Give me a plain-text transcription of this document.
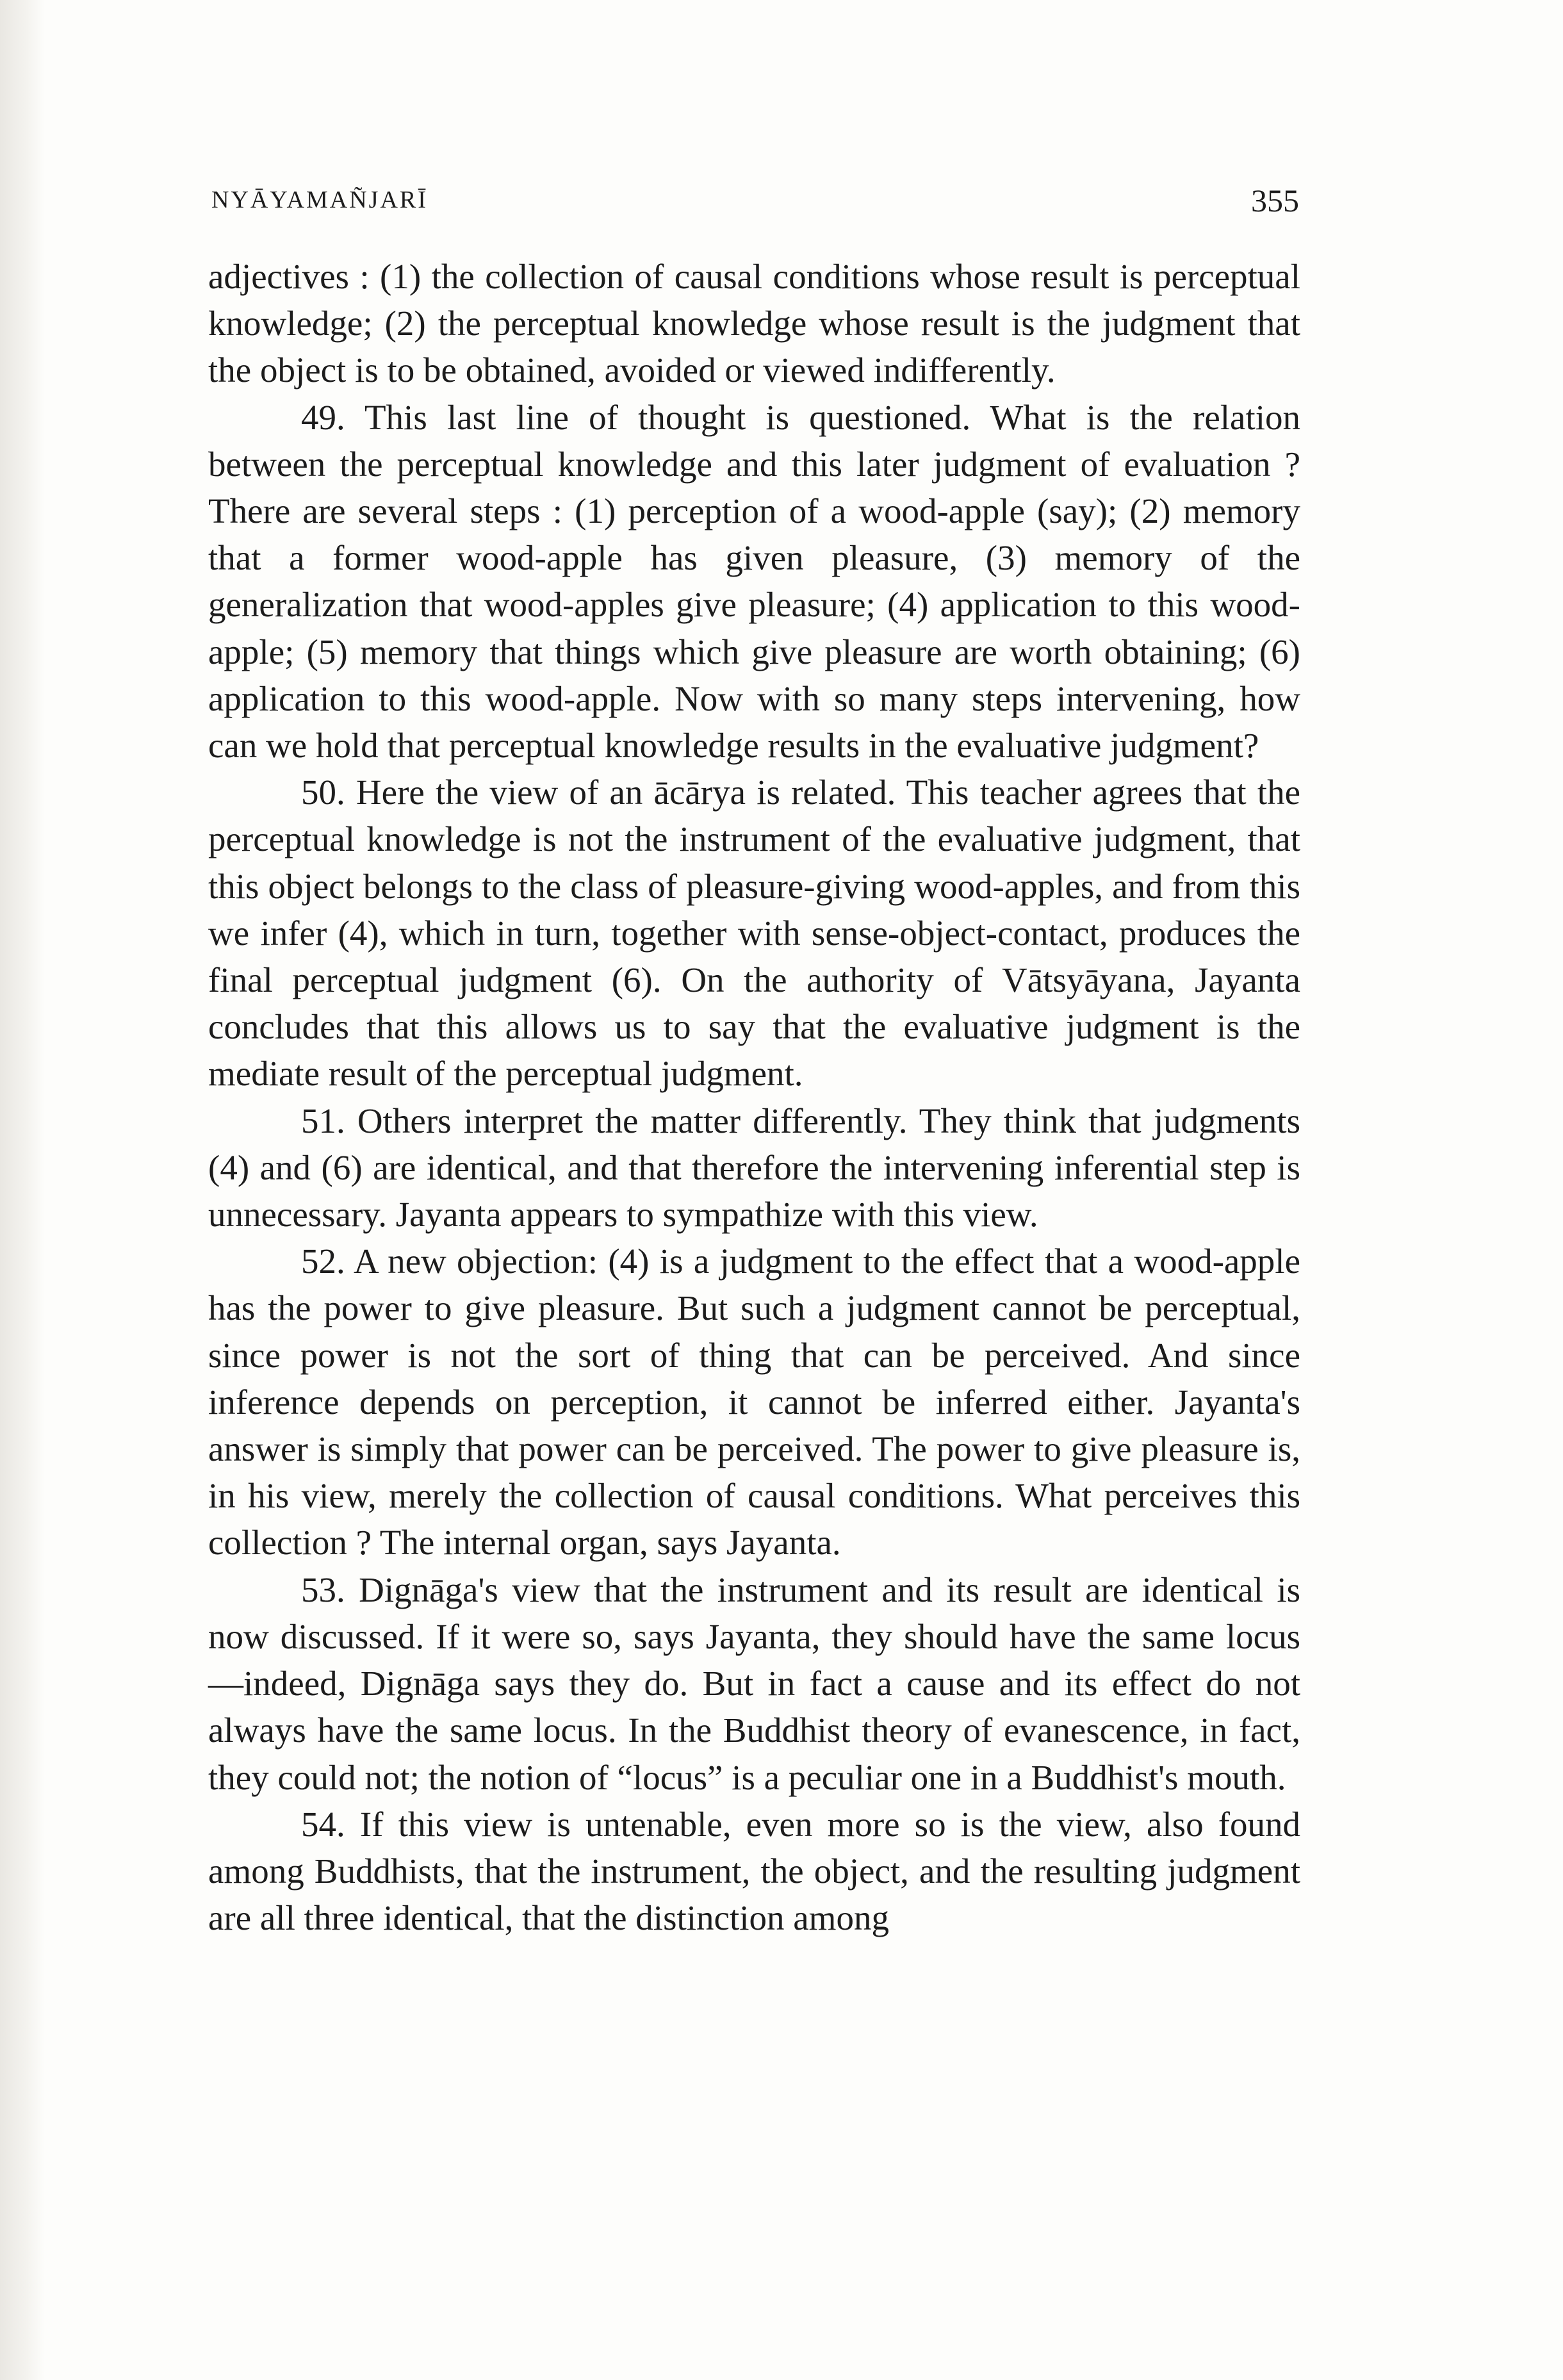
NYĀYAMAÑJARĪ	355

adjectives : (1) the collection of causal conditions whose result is perceptual knowledge; (2) the perceptual knowledge whose result is the judgment that the object is to be obtained, avoided or viewed indifferently.

49. This last line of thought is questioned. What is the relation between the perceptual knowledge and this later judgment of evaluation ? There are several steps : (1) perception of a wood-apple (say); (2) memory that a former wood-apple has given pleasure, (3) memory of the generalization that wood-apples give pleasure; (4) application to this wood-apple; (5) memory that things which give pleasure are worth obtaining; (6) application to this wood-apple. Now with so many steps intervening, how can we hold that perceptual knowledge results in the evaluative judgment?

50. Here the view of an ācārya is related. This teacher agrees that the perceptual knowledge is not the instrument of the evaluative judgment, that this object belongs to the class of pleasure-giving wood-apples, and from this we infer (4), which in turn, together with sense-object-contact, produces the final perceptual judgment (6). On the authority of Vātsyāyana, Jayanta concludes that this allows us to say that the evaluative judgment is the mediate result of the perceptual judgment.

51. Others interpret the matter differently. They think that judgments (4) and (6) are identical, and that therefore the intervening inferential step is unnecessary. Jayanta appears to sympathize with this view.

52. A new objection: (4) is a judgment to the effect that a wood-apple has the power to give pleasure. But such a judgment cannot be perceptual, since power is not the sort of thing that can be perceived. And since inference depends on perception, it cannot be inferred either. Jayanta's answer is simply that power can be perceived. The power to give pleasure is, in his view, merely the collection of causal conditions. What perceives this collection ? The internal organ, says Jayanta.

53. Dignāga's view that the instrument and its result are identical is now discussed. If it were so, says Jayanta, they should have the same locus —indeed, Dignāga says they do. But in fact a cause and its effect do not always have the same locus. In the Buddhist theory of evanescence, in fact, they could not; the notion of “locus” is a peculiar one in a Buddhist's mouth.

54. If this view is untenable, even more so is the view, also found among Buddhists, that the instrument, the object, and the resulting judgment are all three identical, that the distinction among
